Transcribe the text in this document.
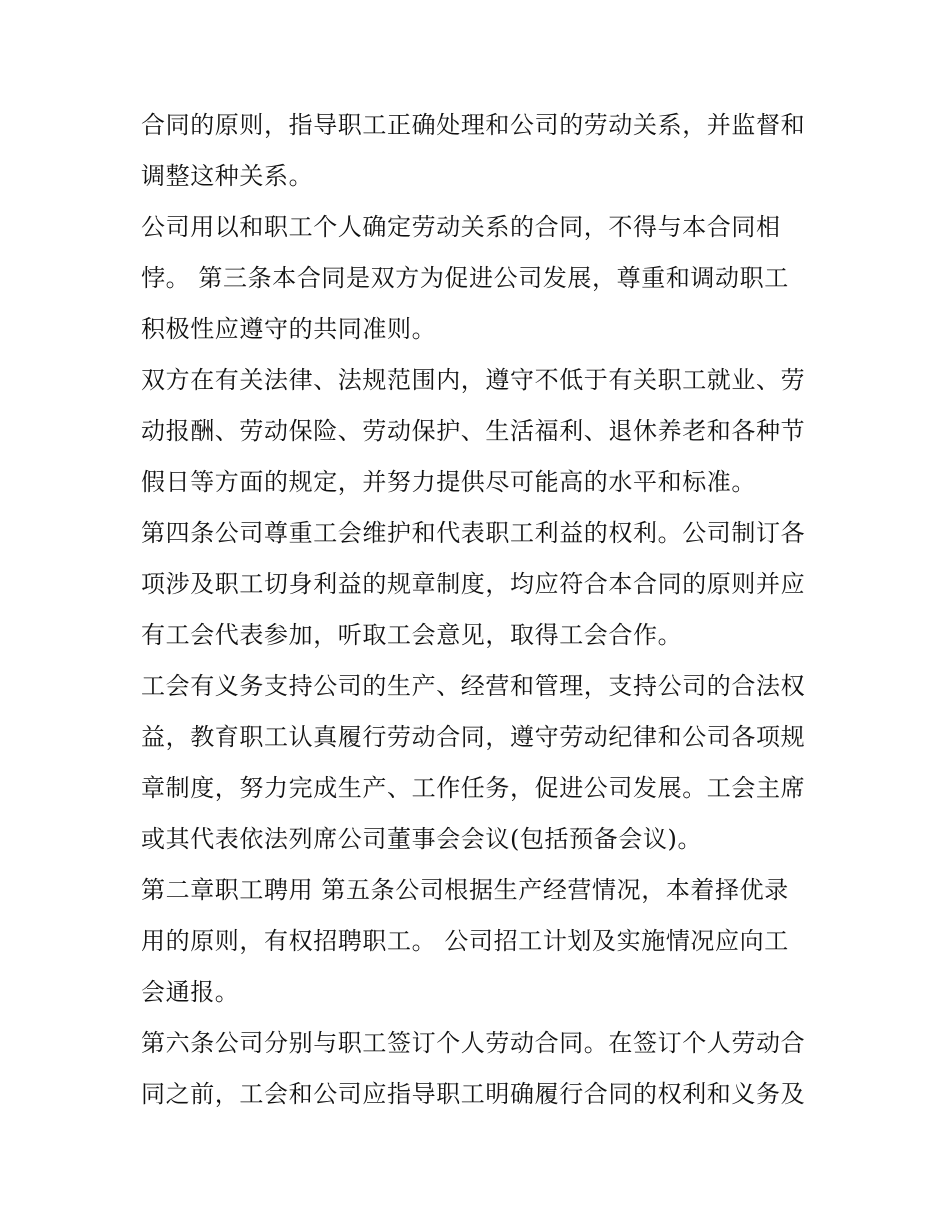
合同的原则，指导职工正确处理和公司的劳动关系，并监督和
调整这种关系。

公司用以和职工个人确定劳动关系的合同，不得与本合同相
悖。 第三条本合同是双方为促进公司发展，尊重和调动职工
积极性应遵守的共同准则。

双方在有关法律、法规范围内，遵守不低于有关职工就业、劳
动报酬、劳动保险、劳动保护、生活福利、退休养老和各种节
假日等方面的规定，并努力提供尽可能高的水平和标准。

第四条公司尊重工会维护和代表职工利益的权利。公司制订各
项涉及职工切身利益的规章制度，均应符合本合同的原则并应
有工会代表参加，听取工会意见，取得工会合作。

工会有义务支持公司的生产、经营和管理，支持公司的合法权
益，教育职工认真履行劳动合同，遵守劳动纪律和公司各项规
章制度，努力完成生产、工作任务，促进公司发展。工会主席
或其代表依法列席公司董事会会议(包括预备会议)。

第二章职工聘用 第五条公司根据生产经营情况，本着择优录
用的原则，有权招聘职工。 公司招工计划及实施情况应向工
会通报。

第六条公司分别与职工签订个人劳动合同。在签订个人劳动合
同之前，工会和公司应指导职工明确履行合同的权利和义务及
